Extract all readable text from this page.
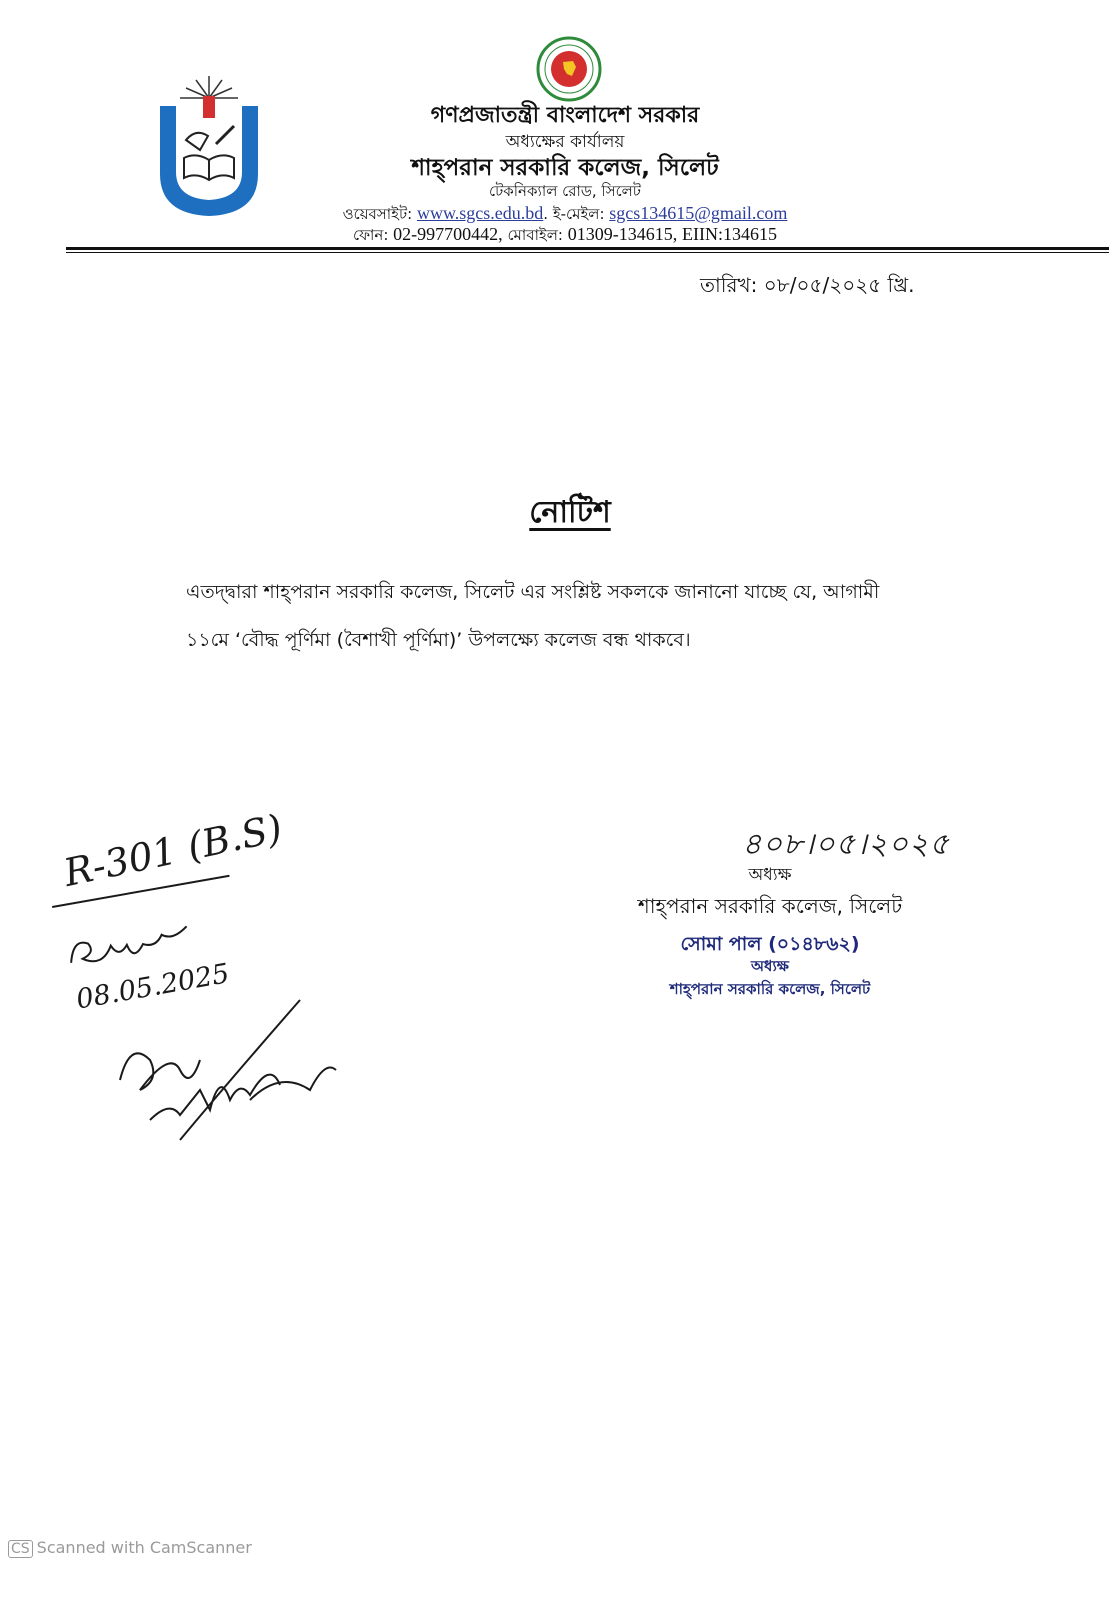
গণপ্রজাতন্ত্রী বাংলাদেশ সরকার
অধ্যক্ষের কার্যালয়
শাহ্পরান সরকারি কলেজ, সিলেট
টেকনিক্যাল রোড, সিলেট
ওয়েবসাইট: www.sgcs.edu.bd. ই-মেইল: sgcs134615@gmail.com
ফোন: 02-997700442, মোবাইল: 01309-134615, EIIN:134615
তারিখ: ০৮/০৫/২০২৫ খ্রি.
নোটিশ
এতদ্দ্বারা শাহ্পরান সরকারি কলেজ, সিলেট এর সংশ্লিষ্ট সকলকে জানানো যাচ্ছে যে, আগামী
১১মে ‘বৌদ্ধ পূর্ণিমা (বৈশাখী পূর্ণিমা)’ উপলক্ষ্যে কলেজ বন্ধ থাকবে।
৪০৮।০৫।২০২৫
অধ্যক্ষ
শাহ্পরান সরকারি কলেজ, সিলেট
সোমা পাল (০১৪৮৬২)
অধ্যক্ষ
শাহ্পরান সরকারি কলেজ, সিলেট
R-301 (B.S)
08.05.2025
CS Scanned with CamScanner
